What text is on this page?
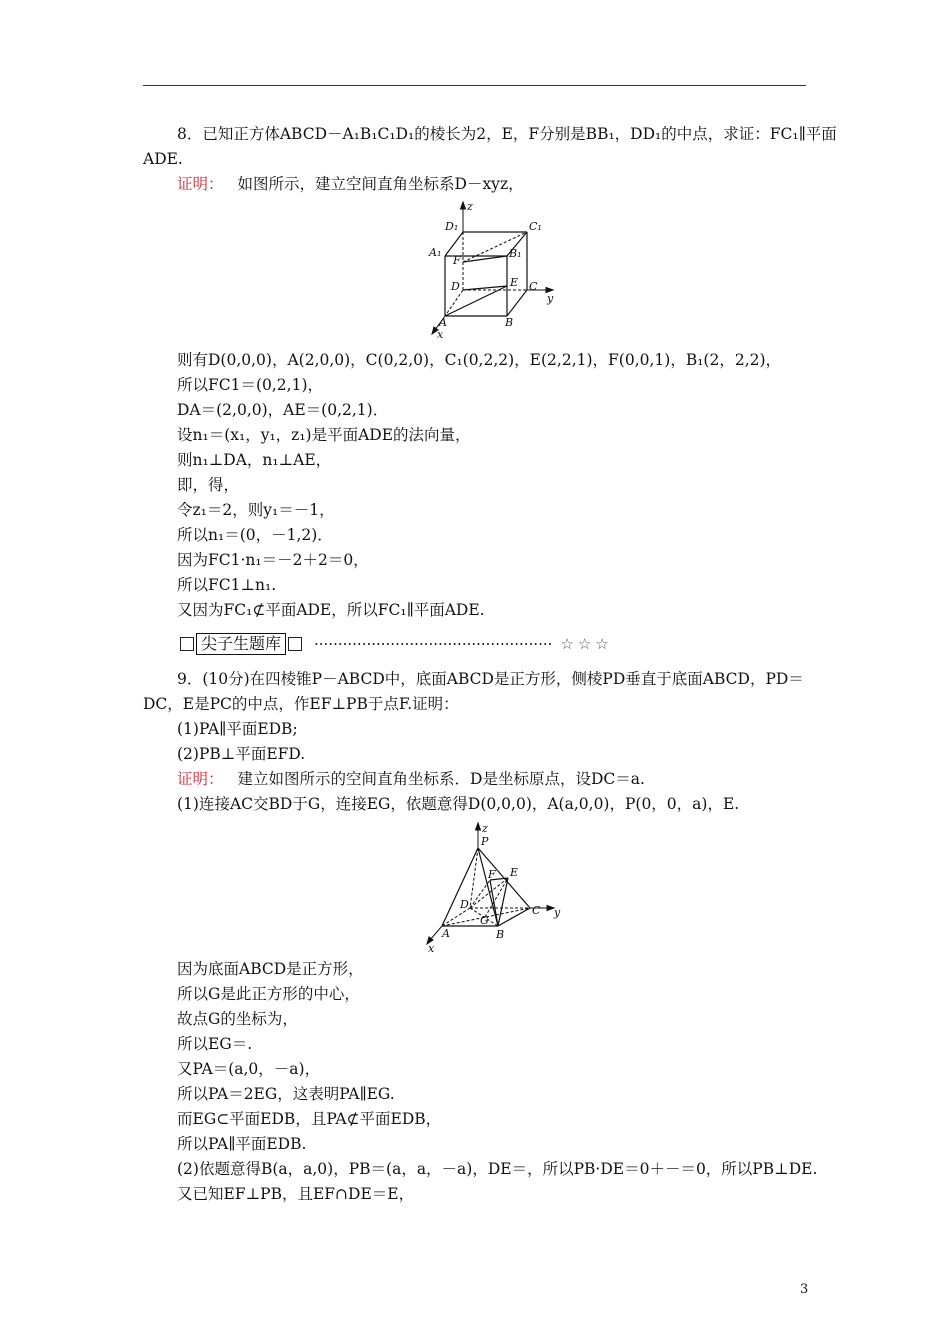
8．已知正方体ABCD－A₁B₁C₁D₁的棱长为2，E，F分别是BB₁，DD₁的中点，求证：FC₁∥平面
ADE.
证明： 如图所示，建立空间直角坐标系D－xyz，
D₁	C₁
A₁	B₁
F
D	E C
A	B
z
y
x
则有D(0,0,0)，A(2,0,0)，C(0,2,0)，C₁(0,2,2)，E(2,2,1)，F(0,0,1)，B₁(2，2,2)，
所以FC1＝(0,2,1)，
DA＝(2,0,0)，AE＝(0,2,1)．
设n₁＝(x₁，y₁，z₁)是平面ADE的法向量，
则n₁⊥DA，n₁⊥AE，
即，得，
令z₁＝2，则y₁＝－1，
所以n₁＝(0，－1,2)．
因为FC1·n₁＝－2＋2＝0，
所以FC1⊥n₁.
又因为FC₁⊄平面ADE，所以FC₁∥平面ADE.
尖子生题库 ·················································· ☆☆☆
9．(10分)在四棱锥P－ABCD中，底面ABCD是正方形，侧棱PD垂直于底面ABCD，PD＝
DC，E是PC的中点，作EF⊥PB于点F.证明：
(1)PA∥平面EDB;
(2)PB⊥平面EFD.
证明： 建立如图所示的空间直角坐标系．D是坐标原点，设DC＝a.
(1)连接AC交BD于G，连接EG，依题意得D(0,0,0)，A(a,0,0)，P(0，0，a)，E.
z
P
F E
D
G
C y
A	B
x
因为底面ABCD是正方形，
所以G是此正方形的中心，
故点G的坐标为，
所以EG＝.
又PA＝(a,0，－a)，
所以PA＝2EG，这表明PA∥EG.
而EG⊂平面EDB，且PA⊄平面EDB，
所以PA∥平面EDB.
(2)依题意得B(a，a,0)，PB＝(a，a，－a)，DE＝，所以PB·DE＝0＋－＝0，所以PB⊥DE.
又已知EF⊥PB，且EF∩DE＝E，
3
